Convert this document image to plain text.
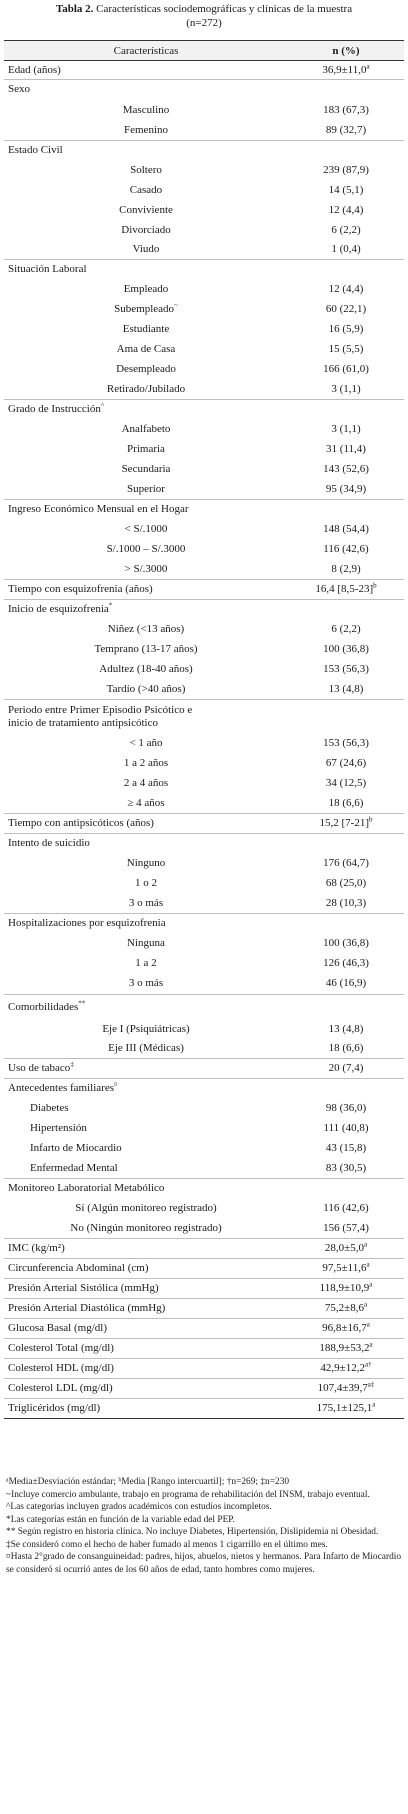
Tabla 2. Características sociodemográficas y clínicas de la muestra
(n=272)
Características	n (%)
Edad (años)	36,9±11,0$^a$
Sexo	
Masculino	183 (67,3)
Femenino	89 (32,7)
Estado Civil	
Soltero	239 (87,9)
Casado	14 (5,1)
Conviviente	12 (4,4)
Divorciado	6 (2,2)
Viudo	1 (0,4)
Situación Laboral	
Empleado	12 (4,4)
Subempleado~	60 (22,1)
Estudiante	16 (5,9)
Ama de Casa	15 (5,5)
Desempleado	166 (61,0)
Retirado/Jubilado	3 (1,1)
Grado de Instrucción^	
Analfabeto	3 (1,1)
Primaria	31 (11,4)
Secundaria	143 (52,6)
Superior	95 (34,9)
Ingreso Económico Mensual en el Hogar	
< S/.1000	148 (54,4)
S/.1000 – S/.3000	116 (42,6)
> S/.3000	8 (2,9)
Tiempo con esquizofrenia (años)	16,4 $[8,5-23]^b$
Inicio de esquizofrenia*	
Niñez (<13 años)	6 (2,2)
Temprano (13-17 años)	100 (36,8)
Adultez (18-40 años)	153 (56,3)
Tardío (>40 años)	13 (4,8)
Periodo entre Primer Episodio Psicótico e
inicio de tratamiento antipsicótico	
< 1 año	153 (56,3)
1 a 2 años	67 (24,6)
2 a 4 años	34 (12,5)
≥ 4 años	18 (6,6)
Tiempo con antipsicóticos (años)	15,2 $[7-21]^b$
Intento de suicidio	
Ninguno	176 (64,7)
1 o 2	68 (25,0)
3 o más	28 (10,3)
Hospitalizaciones por esquizofrenia	
Ninguna	100 (36,8)
1 a 2	126 (46,3)
3 o más	46 (16,9)
Comorbilidades**	
Eje I (Psiquiátricas)	13 (4,8)
Eje III (Médicas)	18 (6,6)
Uso de tabaco‡	20 (7,4)
Antecedentes familiares¤	
Diabetes	98 (36,0)
Hipertensión	111 (40,8)
Infarto de Miocardio	43 (15,8)
Enfermedad Mental	83 (30,5)
Monitoreo Laboratorial Metabólico	
Sí (Algún monitoreo registrado)	116 (42,6)
No (Ningún monitoreo registrado)	156 (57,4)
IMC (kg/m²)	28,0±5,0$^a$
Circunferencia Abdominal (cm)	97,5±11,6$^a$
Presión Arterial Sistólica (mmHg)	118,9±10,9$^a$
Presión Arterial Diastólica (mmHg)	75,2±8,6$^a$
Glucosa Basal (mg/dl)	96,8±16,7$^a$
Colesterol Total (mg/dl)	188,9±53,2$^a$
Colesterol HDL (mg/dl)	$42,9\pm 12,2^{a\dagger}$
Colesterol LDL (mg/dl)	$107,4\pm 39,7^{a\ddagger}$
Triglicéridos (mg/dl)	175,1±125,1$^a$

ᵃMedia±Desviación estándar; ᵇMedia [Rango intercuartil]; †n=269; ‡n=230

~Incluye comercio ambulante, trabajo en programa de rehabilitación del INSM, trabajo eventual.

^Las categorías incluyen grados académicos con estudios incompletos.

*Las categorías están en función de la variable edad del PEP.

** Según registro en historia clínica. No incluye Diabetes, Hipertensión, Dislipidemia ni Obesidad.

‡Se consideró como el hecho de haber fumado al menos 1 cigarrillo en el último mes.

¤Hasta 2°grado de consanguineidad: padres, hijos, abuelos, nietos y hermanos. Para Infarto de Miocardio se consideró si ocurrió antes de los 60 años de edad, tanto hombres como mujeres.
